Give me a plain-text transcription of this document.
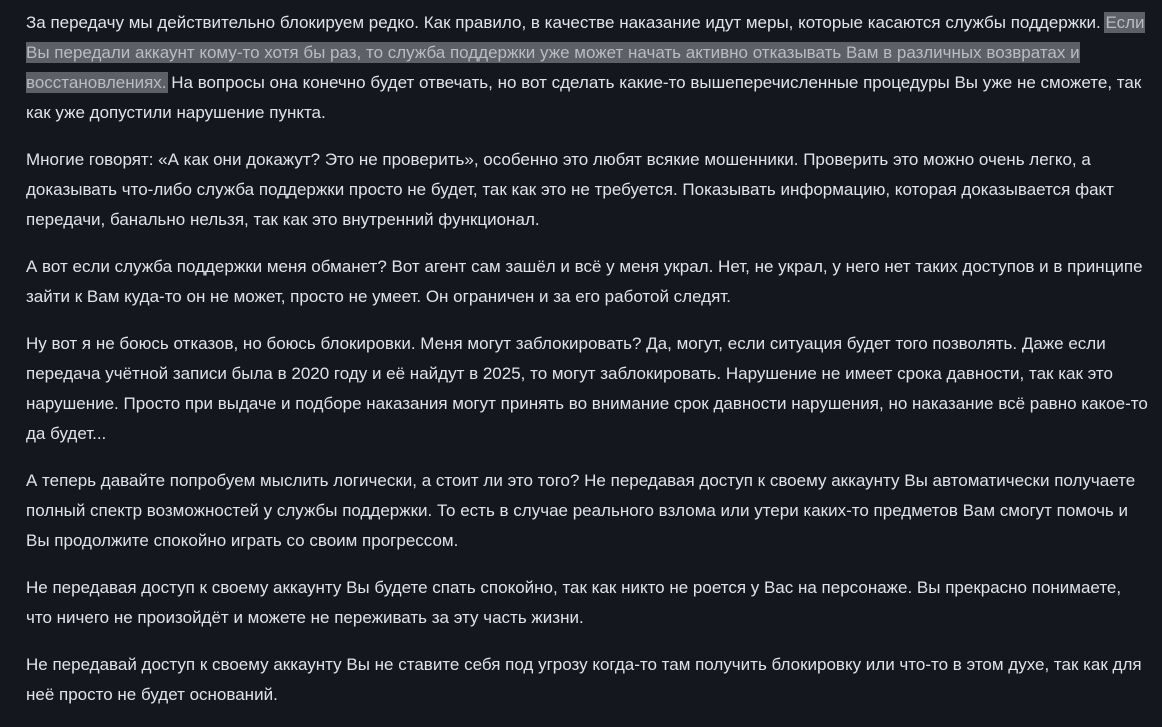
За передачу мы действительно блокируем редко. Как правило, в качестве наказание идут меры, которые касаются службы поддержки. Если Вы передали аккаунт кому-то хотя бы раз, то служба поддержки уже может начать активно отказывать Вам в различных возвратах и восстановлениях. На вопросы она конечно будет отвечать, но вот сделать какие-то вышеперечисленные процедуры Вы уже не сможете, так как уже допустили нарушение пункта.

Многие говорят: «А как они докажут? Это не проверить», особенно это любят всякие мошенники. Проверить это можно очень легко, а доказывать что-либо служба поддержки просто не будет, так как это не требуется. Показывать информацию, которая доказывается факт передачи, банально нельзя, так как это внутренний функционал.

А вот если служба поддержки меня обманет? Вот агент сам зашёл и всё у меня украл. Нет, не украл, у него нет таких доступов и в принципе зайти к Вам куда-то он не может, просто не умеет. Он ограничен и за его работой следят.

Ну вот я не боюсь отказов, но боюсь блокировки. Меня могут заблокировать? Да, могут, если ситуация будет того позволять. Даже если передача учётной записи была в 2020 году и её найдут в 2025, то могут заблокировать. Нарушение не имеет срока давности, так как это нарушение. Просто при выдаче и подборе наказания могут принять во внимание срок давности нарушения, но наказание всё равно какое-то да будет...

А теперь давайте попробуем мыслить логически, а стоит ли это того? Не передавая доступ к своему аккаунту Вы автоматически получаете полный спектр возможностей у службы поддержки. То есть в случае реального взлома или утери каких-то предметов Вам смогут помочь и Вы продолжите спокойно играть со своим прогрессом.

Не передавая доступ к своему аккаунту Вы будете спать спокойно, так как никто не роется у Вас на персонаже. Вы прекрасно понимаете, что ничего не произойдёт и можете не переживать за эту часть жизни.

Не передавай доступ к своему аккаунту Вы не ставите себя под угрозу когда-то там получить блокировку или что-то в этом духе, так как для неё просто не будет оснований.
